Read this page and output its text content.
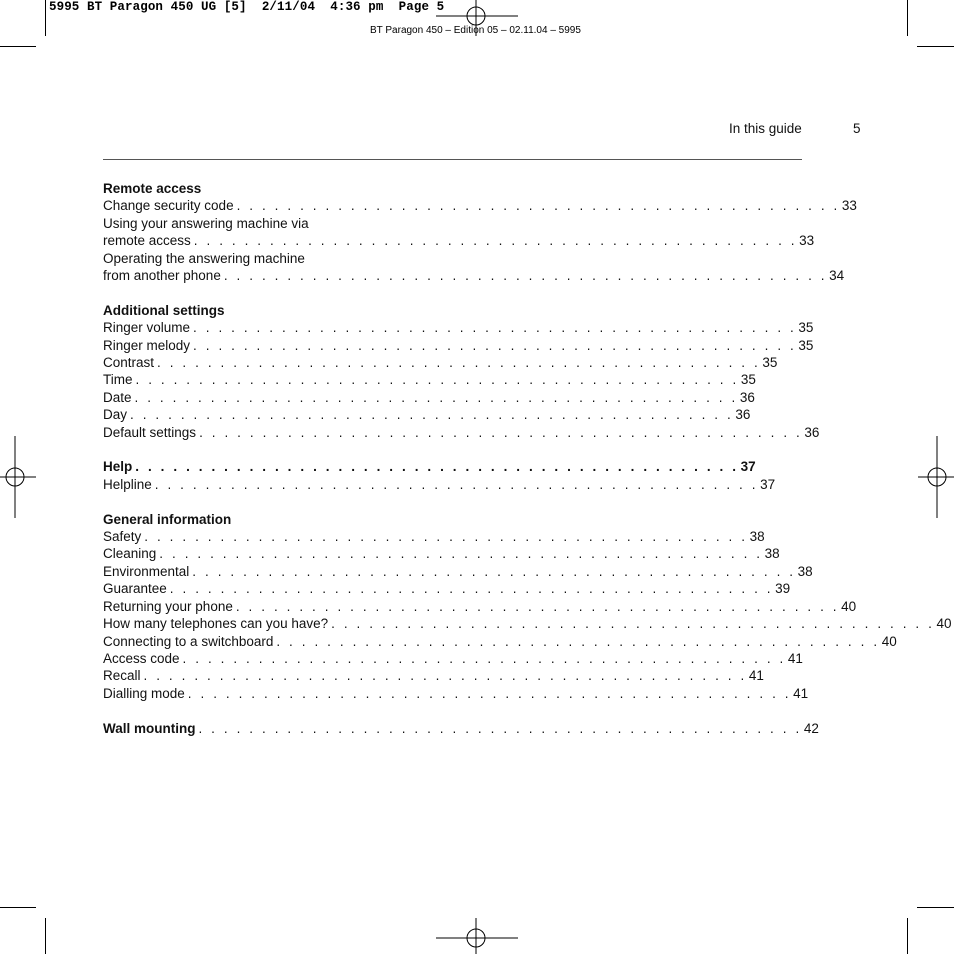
5995 BT Paragon 450 UG [5]  2/11/04  4:36 pm  Page 5
BT Paragon 450 – Edition 05 – 02.11.04 – 5995
In this guide	5
Remote access
Change security code . . . . . . . . . . . . . . . . . . . . . . . . . . . . . . . . . . . . . . . . . . . . . . . . 33
Using your answering machine via
remote access . . . . . . . . . . . . . . . . . . . . . . . . . . . . . . . . . . . . . . . . . . . . . . . . 33
Operating the answering machine
from another phone . . . . . . . . . . . . . . . . . . . . . . . . . . . . . . . . . . . . . . . . . . . . . . . . 34
Additional settings
Ringer volume . . . . . . . . . . . . . . . . . . . . . . . . . . . . . . . . . . . . . . . . . . . . . . . . 35
Ringer melody . . . . . . . . . . . . . . . . . . . . . . . . . . . . . . . . . . . . . . . . . . . . . . . . 35
Contrast . . . . . . . . . . . . . . . . . . . . . . . . . . . . . . . . . . . . . . . . . . . . . . . . 35
Time . . . . . . . . . . . . . . . . . . . . . . . . . . . . . . . . . . . . . . . . . . . . . . . . 35
Date . . . . . . . . . . . . . . . . . . . . . . . . . . . . . . . . . . . . . . . . . . . . . . . . 36
Day . . . . . . . . . . . . . . . . . . . . . . . . . . . . . . . . . . . . . . . . . . . . . . . . 36
Default settings . . . . . . . . . . . . . . . . . . . . . . . . . . . . . . . . . . . . . . . . . . . . . . . . 36
Help . . . . . . . . . . . . . . . . . . . . . . . . . . . . . . . . . . . . . . . . . . . . . . . . 37
Helpline . . . . . . . . . . . . . . . . . . . . . . . . . . . . . . . . . . . . . . . . . . . . . . . . 37
General information
Safety . . . . . . . . . . . . . . . . . . . . . . . . . . . . . . . . . . . . . . . . . . . . . . . . 38
Cleaning . . . . . . . . . . . . . . . . . . . . . . . . . . . . . . . . . . . . . . . . . . . . . . . . 38
Environmental . . . . . . . . . . . . . . . . . . . . . . . . . . . . . . . . . . . . . . . . . . . . . . . . 38
Guarantee . . . . . . . . . . . . . . . . . . . . . . . . . . . . . . . . . . . . . . . . . . . . . . . . 39
Returning your phone . . . . . . . . . . . . . . . . . . . . . . . . . . . . . . . . . . . . . . . . . . . . . . . . 40
How many telephones can you have? . . . . . . . . . . . . . . . . . . . . . . . . . . . . . . . . . . . . . . . . . . . . . . . . 40
Connecting to a switchboard . . . . . . . . . . . . . . . . . . . . . . . . . . . . . . . . . . . . . . . . . . . . . . . . 40
Access code . . . . . . . . . . . . . . . . . . . . . . . . . . . . . . . . . . . . . . . . . . . . . . . . 41
Recall . . . . . . . . . . . . . . . . . . . . . . . . . . . . . . . . . . . . . . . . . . . . . . . . 41
Dialling mode . . . . . . . . . . . . . . . . . . . . . . . . . . . . . . . . . . . . . . . . . . . . . . . . 41
Wall mounting . . . . . . . . . . . . . . . . . . . . . . . . . . . . . . . . . . . . . . . . . . . . . . . . 42
